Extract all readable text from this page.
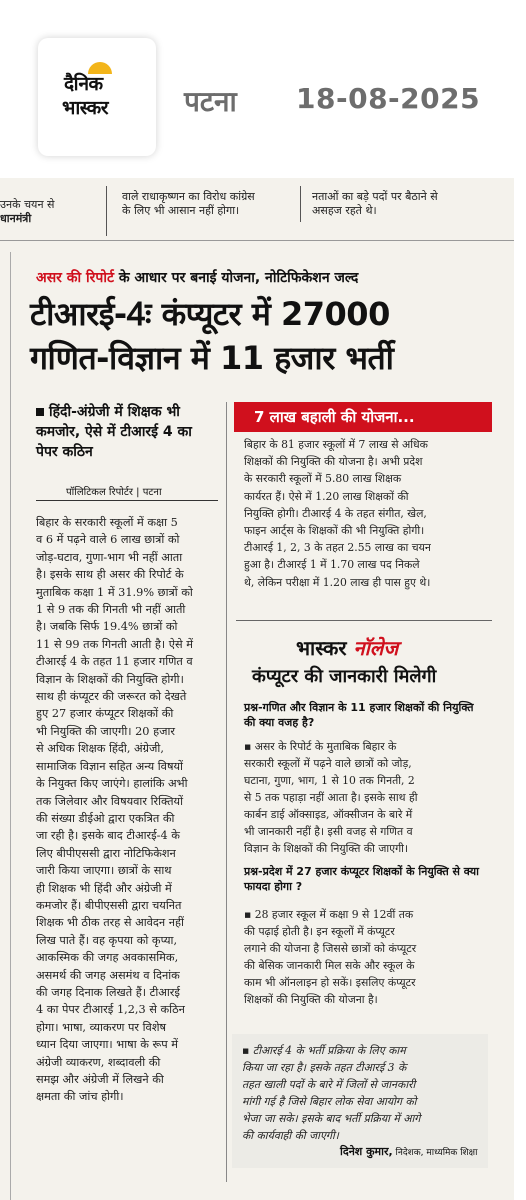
दैनिक
भास्कर	पटना 18-08-2025
उनके चयन से
धानमंत्री
वाले राधाकृष्णन का विरोध कांग्रेस
के लिए भी आसान नहीं होगा।
नताओं का बड़े पदों पर बैठाने से
असहज रहते थे।
असर की रिपोर्ट के आधार पर बनाई योजना, नोटिफिकेशन जल्द
टीआरई-4ः कंप्यूटर में 27000
गणित-विज्ञान में 11 हजार भर्ती
हिंदी-अंग्रेजी में शिक्षक भी कमजोर, ऐसे में टीआरई 4 का पेपर कठिन
पॉलिटिकल रिपोर्टर | पटना
बिहार के सरकारी स्कूलों में कक्षा 5
व 6 में पढ़ने वाले 6 लाख छात्रों को
जोड़-घटाव, गुणा-भाग भी नहीं आता
है। इसके साथ ही असर की रिपोर्ट के
मुताबिक कक्षा 1 में 31.9% छात्रों को
1 से 9 तक की गिनती भी नहीं आती
है। जबकि सिर्फ 19.4% छात्रों को
11 से 99 तक गिनती आती है। ऐसे में
टीआरई 4 के तहत 11 हजार गणित व
विज्ञान के शिक्षकों की नियुक्ति होगी।
साथ ही कंप्यूटर की जरूरत को देखते
हुए 27 हजार कंप्यूटर शिक्षकों की
भी नियुक्ति की जाएगी। 20 हजार
से अधिक शिक्षक हिंदी, अंग्रेजी,
सामाजिक विज्ञान सहित अन्य विषयों
के नियुक्त किए जाएंगे। हालांकि अभी
तक जिलेवार और विषयवार रिक्तियों
की संख्या डीईओ द्वारा एकत्रित की
जा रही है। इसके बाद टीआरई-4 के
लिए बीपीएससी द्वारा नोटिफिकेशन
जारी किया जाएगा। छात्रों के साथ
ही शिक्षक भी हिंदी और अंग्रेजी में
कमजोर हैं। बीपीएससी द्वारा चयनित
शिक्षक भी ठीक तरह से आवेदन नहीं
लिख पाते हैं। वह कृपया को कृप्या,
आकस्मिक की जगह अवकासमिक,
असमर्थ की जगह असमंथ व दिनांक
की जगह दिनाक लिखते हैं। टीआरई
4 का पेपर टीआरई 1,2,3 से कठिन
होगा। भाषा, व्याकरण पर विशेष
ध्यान दिया जाएगा। भाषा के रूप में
अंग्रेजी व्याकरण, शब्दावली की
समझ और अंग्रेजी में लिखने की
क्षमता की जांच होगी।
7 लाख बहाली की योजना...
बिहार के 81 हजार स्कूलों में 7 लाख से अधिक
शिक्षकों की नियुक्ति की योजना है। अभी प्रदेश
के सरकारी स्कूलों में 5.80 लाख शिक्षक
कार्यरत हैं। ऐसे में 1.20 लाख शिक्षकों की
नियुक्ति होगी। टीआरई 4 के तहत संगीत, खेल,
फाइन आर्ट्स के शिक्षकों की भी नियुक्ति होगी।
टीआरई 1, 2, 3 के तहत 2.55 लाख का चयन
हुआ है। टीआरई 1 में 1.70 लाख पद निकले
थे, लेकिन परीक्षा में 1.20 लाख ही पास हुए थे।
भास्कर नॉलेज
कंप्यूटर की जानकारी मिलेगी
प्रश्न-गणित और विज्ञान के 11 हजार शिक्षकों की नियुक्ति की क्या वजह है?
▪ असर के रिपोर्ट के मुताबिक बिहार के
सरकारी स्कूलों में पढ़ने वाले छात्रों को जोड़,
घटाना, गुणा, भाग, 1 से 10 तक गिनती, 2
से 5 तक पहाड़ा नहीं आता है। इसके साथ ही
कार्बन डाई ऑक्साइड, ऑक्सीजन के बारे में
भी जानकारी नहीं है। इसी वजह से गणित व
विज्ञान के शिक्षकों की नियुक्ति की जाएगी।
प्रश्न-प्रदेश में 27 हजार कंप्यूटर शिक्षकों के नियुक्ति से क्या फायदा होगा ?
▪ 28 हजार स्कूल में कक्षा 9 से 12वीं तक
की पढ़ाई होती है। इन स्कूलों में कंप्यूटर
लगाने की योजना है जिससे छात्रों को कंप्यूटर
की बेसिक जानकारी मिल सके और स्कूल के
काम भी ऑनलाइन हो सकें। इसलिए कंप्यूटर
शिक्षकों की नियुक्ति की योजना है।
▪ टीआरई 4 के भर्ती प्रक्रिया के लिए काम
किया जा रहा है। इसके तहत टीआरई 3 के
तहत खाली पदों के बारे में जिलों से जानकारी
मांगी गई है जिसे बिहार लोक सेवा आयोग को
भेजा जा सके। इसके बाद भर्ती प्रक्रिया में आगे
की कार्यवाही की जाएगी।
दिनेश कुमार, निदेशक, माध्यमिक शिक्षा
